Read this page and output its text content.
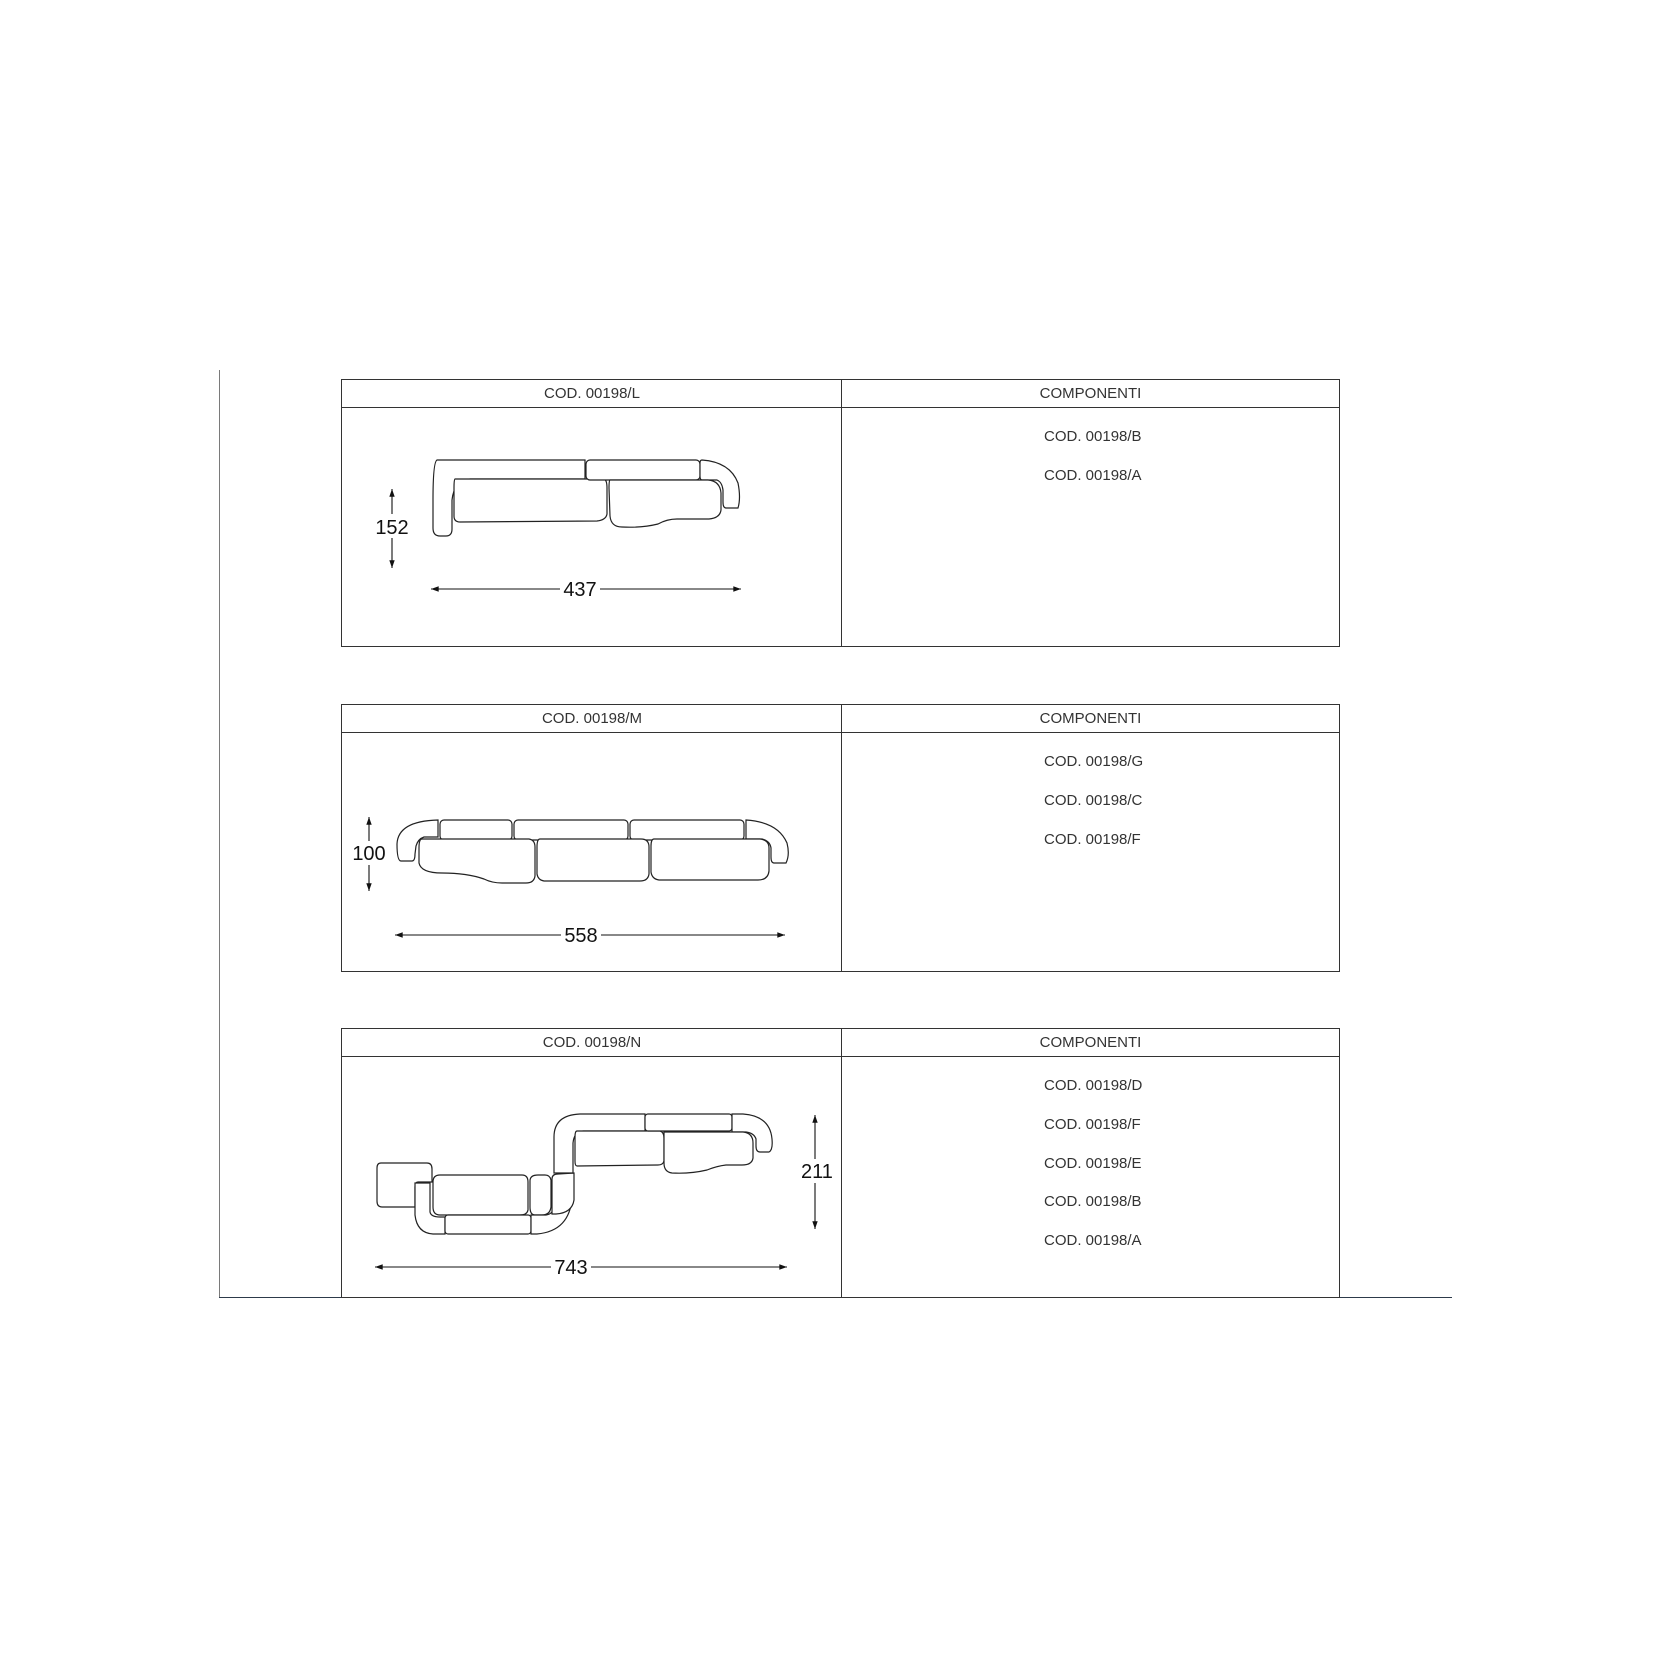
COD. 00198/L	COMPONENTI
152
437
COD. 00198/B
COD. 00198/A
COD. 00198/M	COMPONENTI
100
558
COD. 00198/G
COD. 00198/C
COD. 00198/F
COD. 00198/N	COMPONENTI
211
743
COD. 00198/D
COD. 00198/F
COD. 00198/E
COD. 00198/B
COD. 00198/A
